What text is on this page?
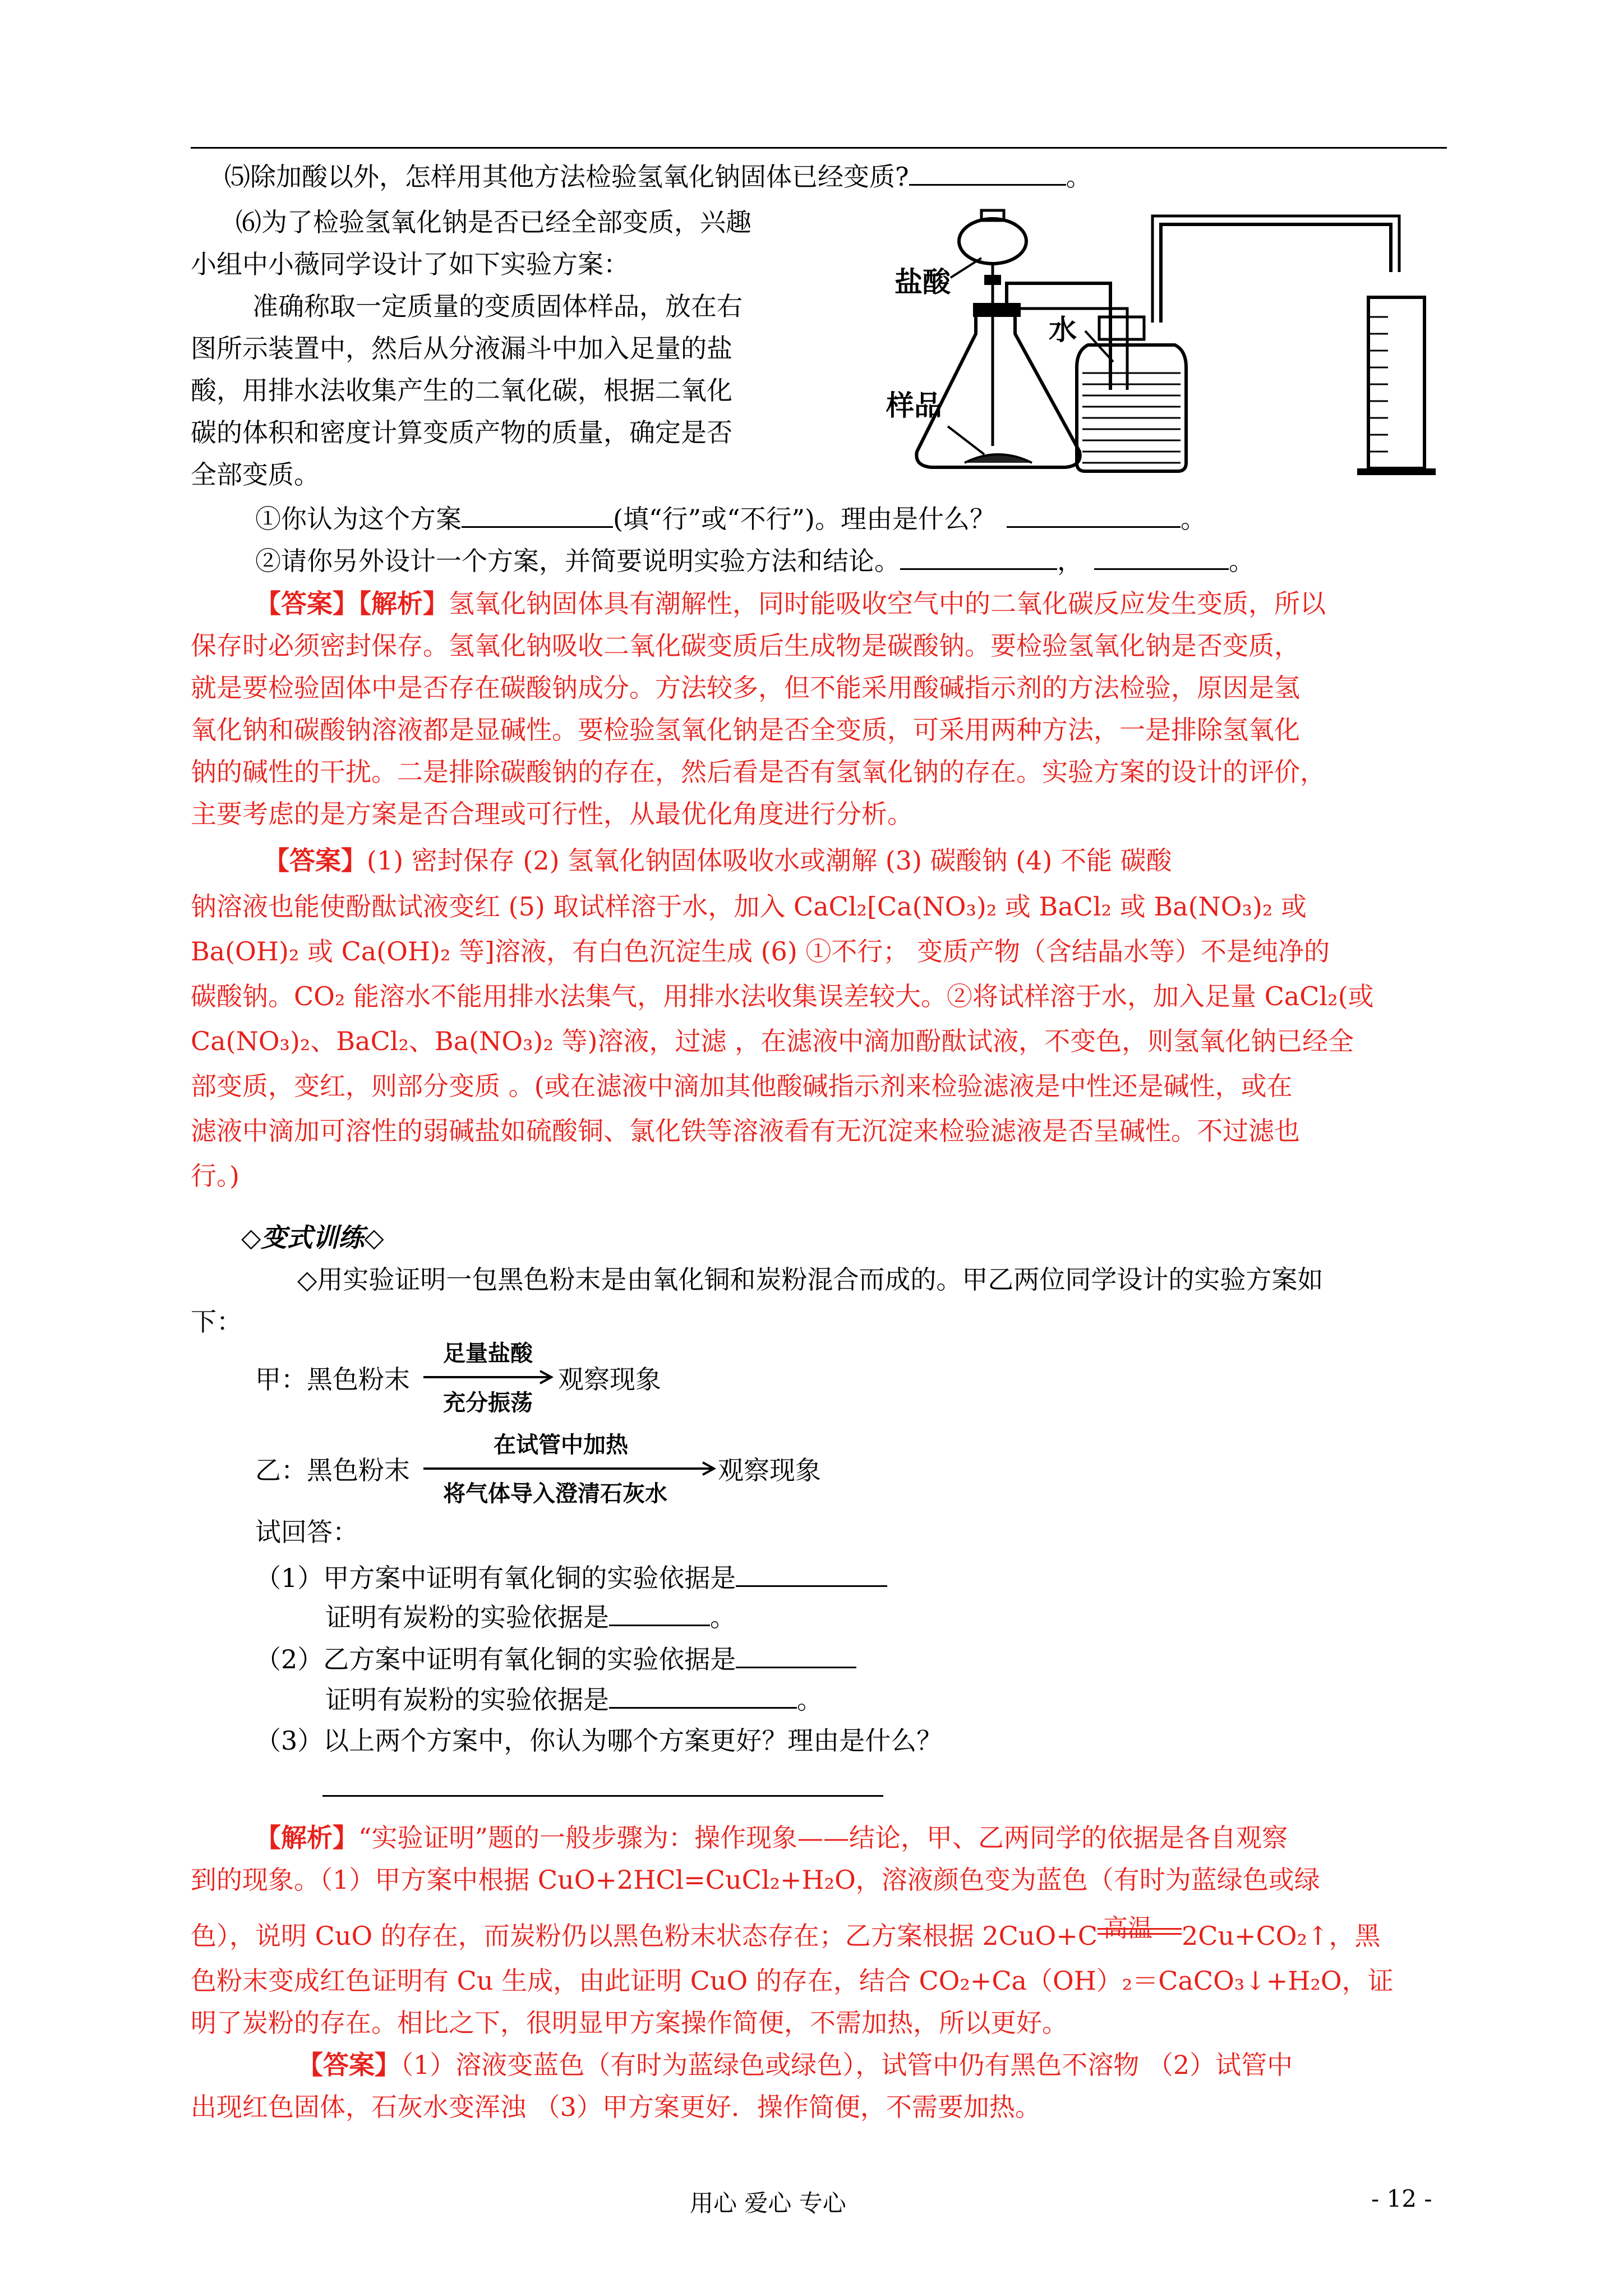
⑸除加酸以外，怎样用其他方法检验氢氧化钠固体已经变质?	。
⑹为了检验氢氧化钠是否已经全部变质，兴趣
小组中小薇同学设计了如下实验方案：
准确称取一定质量的变质固体样品，放在右
图所示装置中，然后从分液漏斗中加入足量的盐
酸，用排水法收集产生的二氧化碳，根据二氧化
碳的体积和密度计算变质产物的质量，确定是否
全部变质。
盐酸
水
样品
①你认为这个方案	(填“行”或“不行”)。理由是什么？	。
②请你另外设计一个方案，并简要说明实验方法和结论。	，	。
【答案】【解析】氢氧化钠固体具有潮解性，同时能吸收空气中的二氧化碳反应发生变质，所以
保存时必须密封保存。氢氧化钠吸收二氧化碳变质后生成物是碳酸钠。要检验氢氧化钠是否变质，
就是要检验固体中是否存在碳酸钠成分。方法较多，但不能采用酸碱指示剂的方法检验，原因是氢
氧化钠和碳酸钠溶液都是显碱性。要检验氢氧化钠是否全变质，可采用两种方法，一是排除氢氧化
钠的碱性的干扰。二是排除碳酸钠的存在，然后看是否有氢氧化钠的存在。实验方案的设计的评价，
主要考虑的是方案是否合理或可行性，从最优化角度进行分析。
【答案】(1) 密封保存 (2) 氢氧化钠固体吸收水或潮解 (3) 碳酸钠 (4) 不能 碳酸
钠溶液也能使酚酞试液变红 (5) 取试样溶于水，加入 CaCl₂[Ca(NO₃)₂ 或 BaCl₂ 或 Ba(NO₃)₂ 或
Ba(OH)₂ 或 Ca(OH)₂ 等]溶液，有白色沉淀生成 (6) ①不行； 变质产物（含结晶水等）不是纯净的
碳酸钠。CO₂ 能溶水不能用排水法集气，用排水法收集误差较大。②将试样溶于水，加入足量 CaCl₂(或
Ca(NO₃)₂、BaCl₂、Ba(NO₃)₂ 等)溶液，过滤 ，在滤液中滴加酚酞试液，不变色，则氢氧化钠已经全
部变质，变红，则部分变质 。(或在滤液中滴加其他酸碱指示剂来检验滤液是中性还是碱性，或在
滤液中滴加可溶性的弱碱盐如硫酸铜、氯化铁等溶液看有无沉淀来检验滤液是否呈碱性。不过滤也
行。)
◇变式训练◇
◇用实验证明一包黑色粉末是由氧化铜和炭粉混合而成的。甲乙两位同学设计的实验方案如
下：
甲：黑色粉末
足量盐酸
充分振荡
观察现象
乙：黑色粉末
在试管中加热
将气体导入澄清石灰水
观察现象
试回答：
（1）甲方案中证明有氧化铜的实验依据是
证明有炭粉的实验依据是	。
（2）乙方案中证明有氧化铜的实验依据是
证明有炭粉的实验依据是	。
（3）以上两个方案中，你认为哪个方案更好？理由是什么？
【解析】“实验证明”题的一般步骤为：操作现象——结论，甲、乙两同学的依据是各自观察
到的现象。（1）甲方案中根据 CuO+2HCl=CuCl₂+H₂O，溶液颜色变为蓝色（有时为蓝绿色或绿
色），说明 CuO 的存在，而炭粉仍以黑色粉末状态存在；乙方案根据 2CuO+C 高温 2Cu+CO₂↑，黑
色粉末变成红色证明有 Cu 生成，由此证明 CuO 的存在，结合 CO₂+Ca（OH）₂＝CaCO₃↓+H₂O，证
明了炭粉的存在。相比之下，很明显甲方案操作简便，不需加热，所以更好。
【答案】（1）溶液变蓝色（有时为蓝绿色或绿色），试管中仍有黑色不溶物 （2）试管中
出现红色固体，石灰水变浑浊 （3）甲方案更好．操作简便，不需要加热。
用心 爱心 专心	- 12 -
